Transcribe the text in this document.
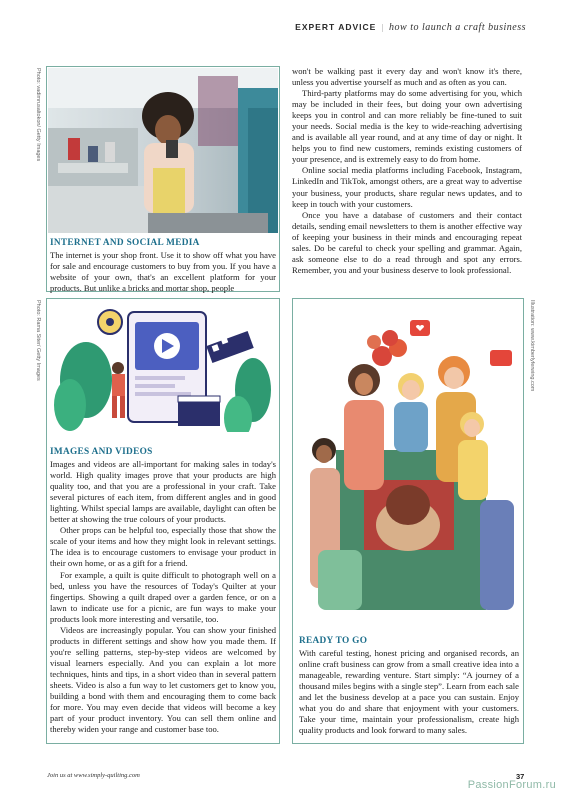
EXPERT ADVICE | how to launch a craft business
INTERNET AND SOCIAL MEDIA

The internet is your shop front. Use it to show off what you have for sale and encourage customers to buy from you. If you have a website of your own, that's an excellent platform for your products. But unlike a bricks and mortar shop, people

Photo: vadimrusaltokon/ Getty Images	won't be walking past it every day and won't know it's there, unless you advertise yourself as much and as often as you can.

Third-party platforms may do some advertising for you, which may be included in their fees, but doing your own advertising keeps you in control and can more reliably be fine-tuned to suit your needs. Social media is the key to wide-reaching advertising and is available all year round, and at any time of day or night. It helps you to find new customers, reminds existing customers of your presence, and is extremely easy to do from home.

Online social media platforms including Facebook, Instagram, LinkedIn and TikTok, amongst others, are a great way to advertise your business, your products, share regular news updates, and to keep in touch with your customers.

Once you have a database of customers and their contact details, sending email newsletters to them is another effective way of keeping your business in their minds and encouraging repeat sales. Do be careful to check your spelling and grammar. Again, ask someone else to do a read through and spot any errors. Remember, you and your business deserve to look professional.

IMAGES AND VIDEOS

Images and videos are all-important for making sales in today's world. High quality images prove that your products are high quality too, and that you are a professional in your craft. Take several pictures of each item, from different angles and in good lighting. Whilst special lamps are available, daylight can often be better at showing the true colours of your products.

Other props can be helpful too, especially those that show the scale of your items and how they might look in relevant settings. The idea is to encourage customers to envisage your product in their own home, or as a gift for a friend.

For example, a quilt is quite difficult to photograph well on a bed, unless you have the resources of Today's Quilter at your fingertips. Showing a quilt draped over a garden fence, or on a lawn to indicate use for a picnic, are fun ways to make your products look more interesting and versatile, too.

Videos are increasingly popular. You can show your finished products in different settings and show how you made them. If you're selling patterns, step-by-step videos are welcomed by visual learners especially. And you can explain a lot more techniques, hints and tips, in a short video than in several pattern sheets. Video is also a fun way to let customers get to know you, building a bond with them and encouraging them to come back for more. You may even decide that videos will become a key part of your product inventory. You can sell them online and thereby widen your range and customer base too.

Photo: Rama Siter/ Getty Images
READY TO GO

With careful testing, honest pricing and organised records, an online craft business can grow from a small creative idea into a manageable, rewarding venture. Start simply: “A journey of a thousand miles begins with a single step”. Learn from each sale and let the business develop at a pace you can sustain. Enjoy what you do and share that enjoyment with your customers. Take your time, maintain your professionalism, create high quality products and look forward to many sales.

Illustration: www.kimberlyferwing.com
Join us at www.simply-quilting.com	37
PassionForum.ru
